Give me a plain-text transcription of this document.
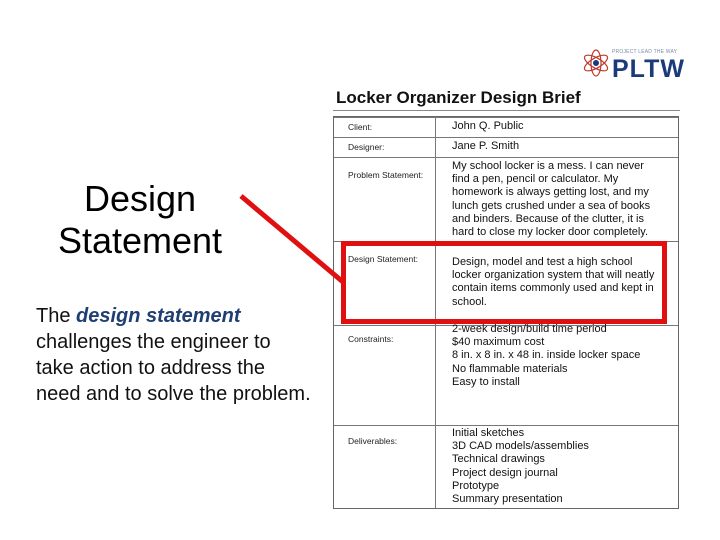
Design
Statement
The design statement challenges the engineer to take action to address the need and to solve the problem.
PROJECT LEAD THE WAY
PLTW
Locker Organizer Design Brief
Client:	John Q. Public
Designer:	Jane P. Smith
Problem Statement:
My school locker is a mess. I can never
find a pen, pencil or calculator. My
homework is always getting lost, and my
lunch gets crushed under a sea of books
and binders. Because of the clutter, it is
hard to close my locker door completely.
Design Statement:	Design, model and test a high school
locker organization system that will neatly
contain items commonly used and kept in
school.
Constraints:
2-week design/build time period
$40 maximum cost
8 in. x 8 in. x 48 in. inside locker space
No flammable materials
Easy to install
Deliverables:
Initial sketches
3D CAD models/assemblies
Technical drawings
Project design journal
Prototype
Summary presentation
